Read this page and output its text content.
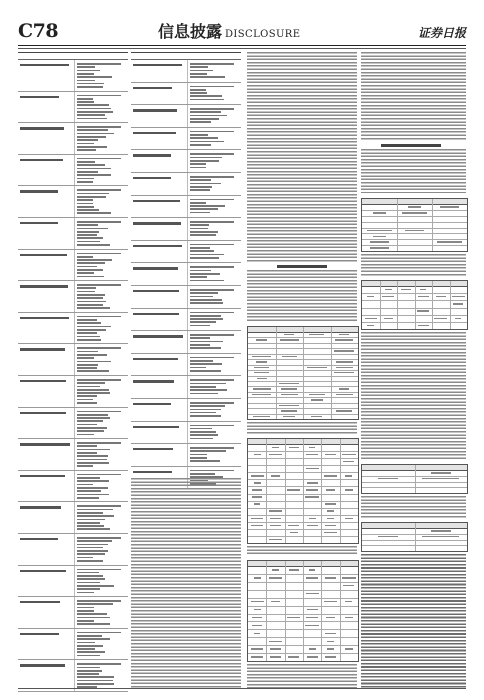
C78	信息披露 DISCLOSURE	证券日报
